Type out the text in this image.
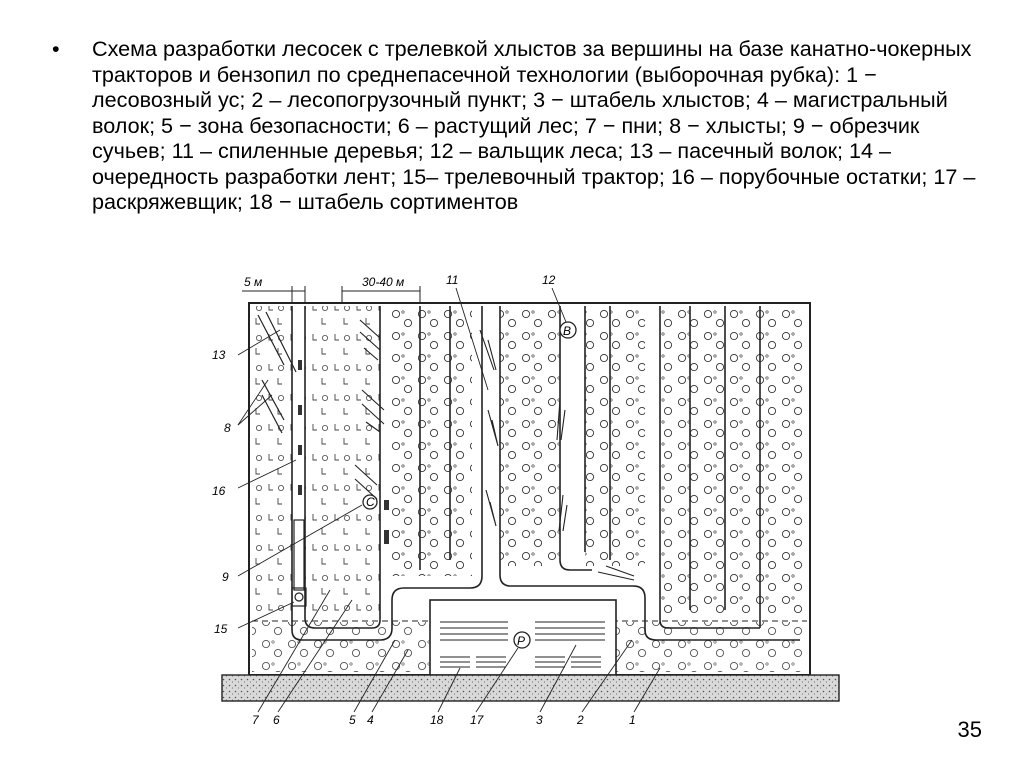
• Схема разработки лесосек с трелевкой хлыстов за вершины на базе канатно-чокерных тракторов и бензопил по среднепасечной технологии (выборочная рубка): 1 − лесовозный ус; 2 – лесопогрузочный пункт; 3 − штабель хлыстов; 4 – магистральный волок; 5 − зона безопасности; 6 – растущий лес; 7 − пни; 8 − хлысты; 9 − обрезчик сучьев; 11 – спиленные деревья; 12 – вальщик леса; 13 – пасечный волок; 14 – очередность разработки лент; 15– трелевочный трактор; 16 – порубочные остатки; 17 – раскряжевщик; 18 − штабель сортиментов
5 м	30-40 м
B
C
P
11	12
13
8
16
9
15
7 6	5 4	18 17	3	2	1	35
